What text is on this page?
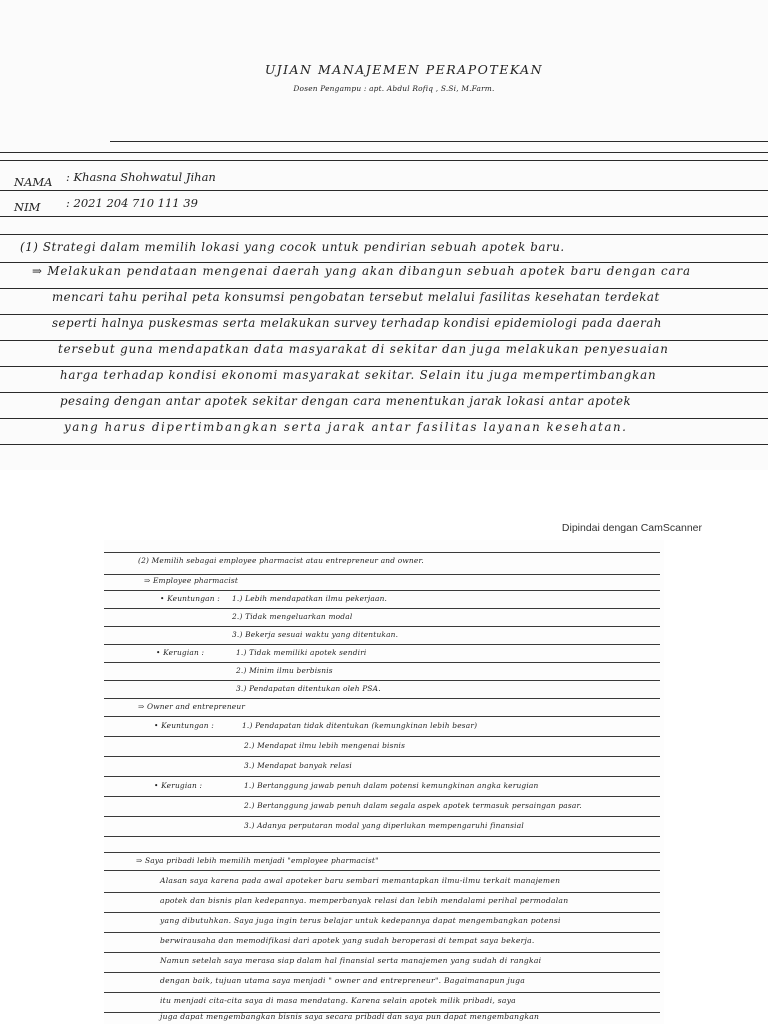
UJIAN MANAJEMEN PERAPOTEKAN
Dosen Pengampu : apt. Abdul Rofiq , S.Si, M.Farm.
NAMA : Khasna Shohwatul Jihan
NIM : 2021 204 710 111 39
(1) Strategi dalam memilih lokasi yang cocok untuk pendirian sebuah apotek baru.
⇒ Melakukan pendataan mengenai daerah yang akan dibangun sebuah apotek baru dengan cara
mencari tahu perihal peta konsumsi pengobatan tersebut melalui fasilitas kesehatan terdekat
seperti halnya puskesmas serta melakukan survey terhadap kondisi epidemiologi pada daerah
tersebut guna mendapatkan data masyarakat di sekitar dan juga melakukan penyesuaian
harga terhadap kondisi ekonomi masyarakat sekitar. Selain itu juga mempertimbangkan
pesaing dengan antar apotek sekitar dengan cara menentukan jarak lokasi antar apotek
yang harus dipertimbangkan serta jarak antar fasilitas layanan kesehatan.
Dipindai dengan CamScanner
(2) Memilih sebagai employee pharmacist atau entrepreneur and owner.
⇒ Employee pharmacist
• Keuntungan : 1.) Lebih mendapatkan ilmu pekerjaan.
2.) Tidak mengeluarkan modal
3.) Bekerja sesuai waktu yang ditentukan.
• Kerugian :	1.) Tidak memiliki apotek sendiri
2.) Minim ilmu berbisnis
3.) Pendapatan ditentukan oleh PSA.
⇒ Owner and entrepreneur
• Keuntungan :	1.) Pendapatan tidak ditentukan (kemungkinan lebih besar)
2.) Mendapat ilmu lebih mengenai bisnis
3.) Mendapat banyak relasi
• Kerugian :	1.) Bertanggung jawab penuh dalam potensi kemungkinan angka kerugian
2.) Bertanggung jawab penuh dalam segala aspek apotek termasuk persaingan pasar.
3.) Adanya perputaran modal yang diperlukan mempengaruhi finansial
⇒ Saya pribadi lebih memilih menjadi "employee pharmacist"
Alasan saya karena pada awal apoteker baru sembari memantapkan ilmu-ilmu terkait manajemen
apotek dan bisnis plan kedepannya. memperbanyak relasi dan lebih mendalami perihal permodalan
yang dibutuhkan. Saya juga ingin terus belajar untuk kedepannya dapat mengembangkan potensi
berwirausaha dan memodifikasi dari apotek yang sudah beroperasi di tempat saya bekerja.
Namun setelah saya merasa siap dalam hal finansial serta manajemen yang sudah di rangkai
dengan baik, tujuan utama saya menjadi " owner and entrepreneur". Bagaimanapun juga
itu menjadi cita-cita saya di masa mendatang. Karena selain apotek milik pribadi, saya
juga dapat mengembangkan bisnis saya secara pribadi dan saya pun dapat mengembangkan
